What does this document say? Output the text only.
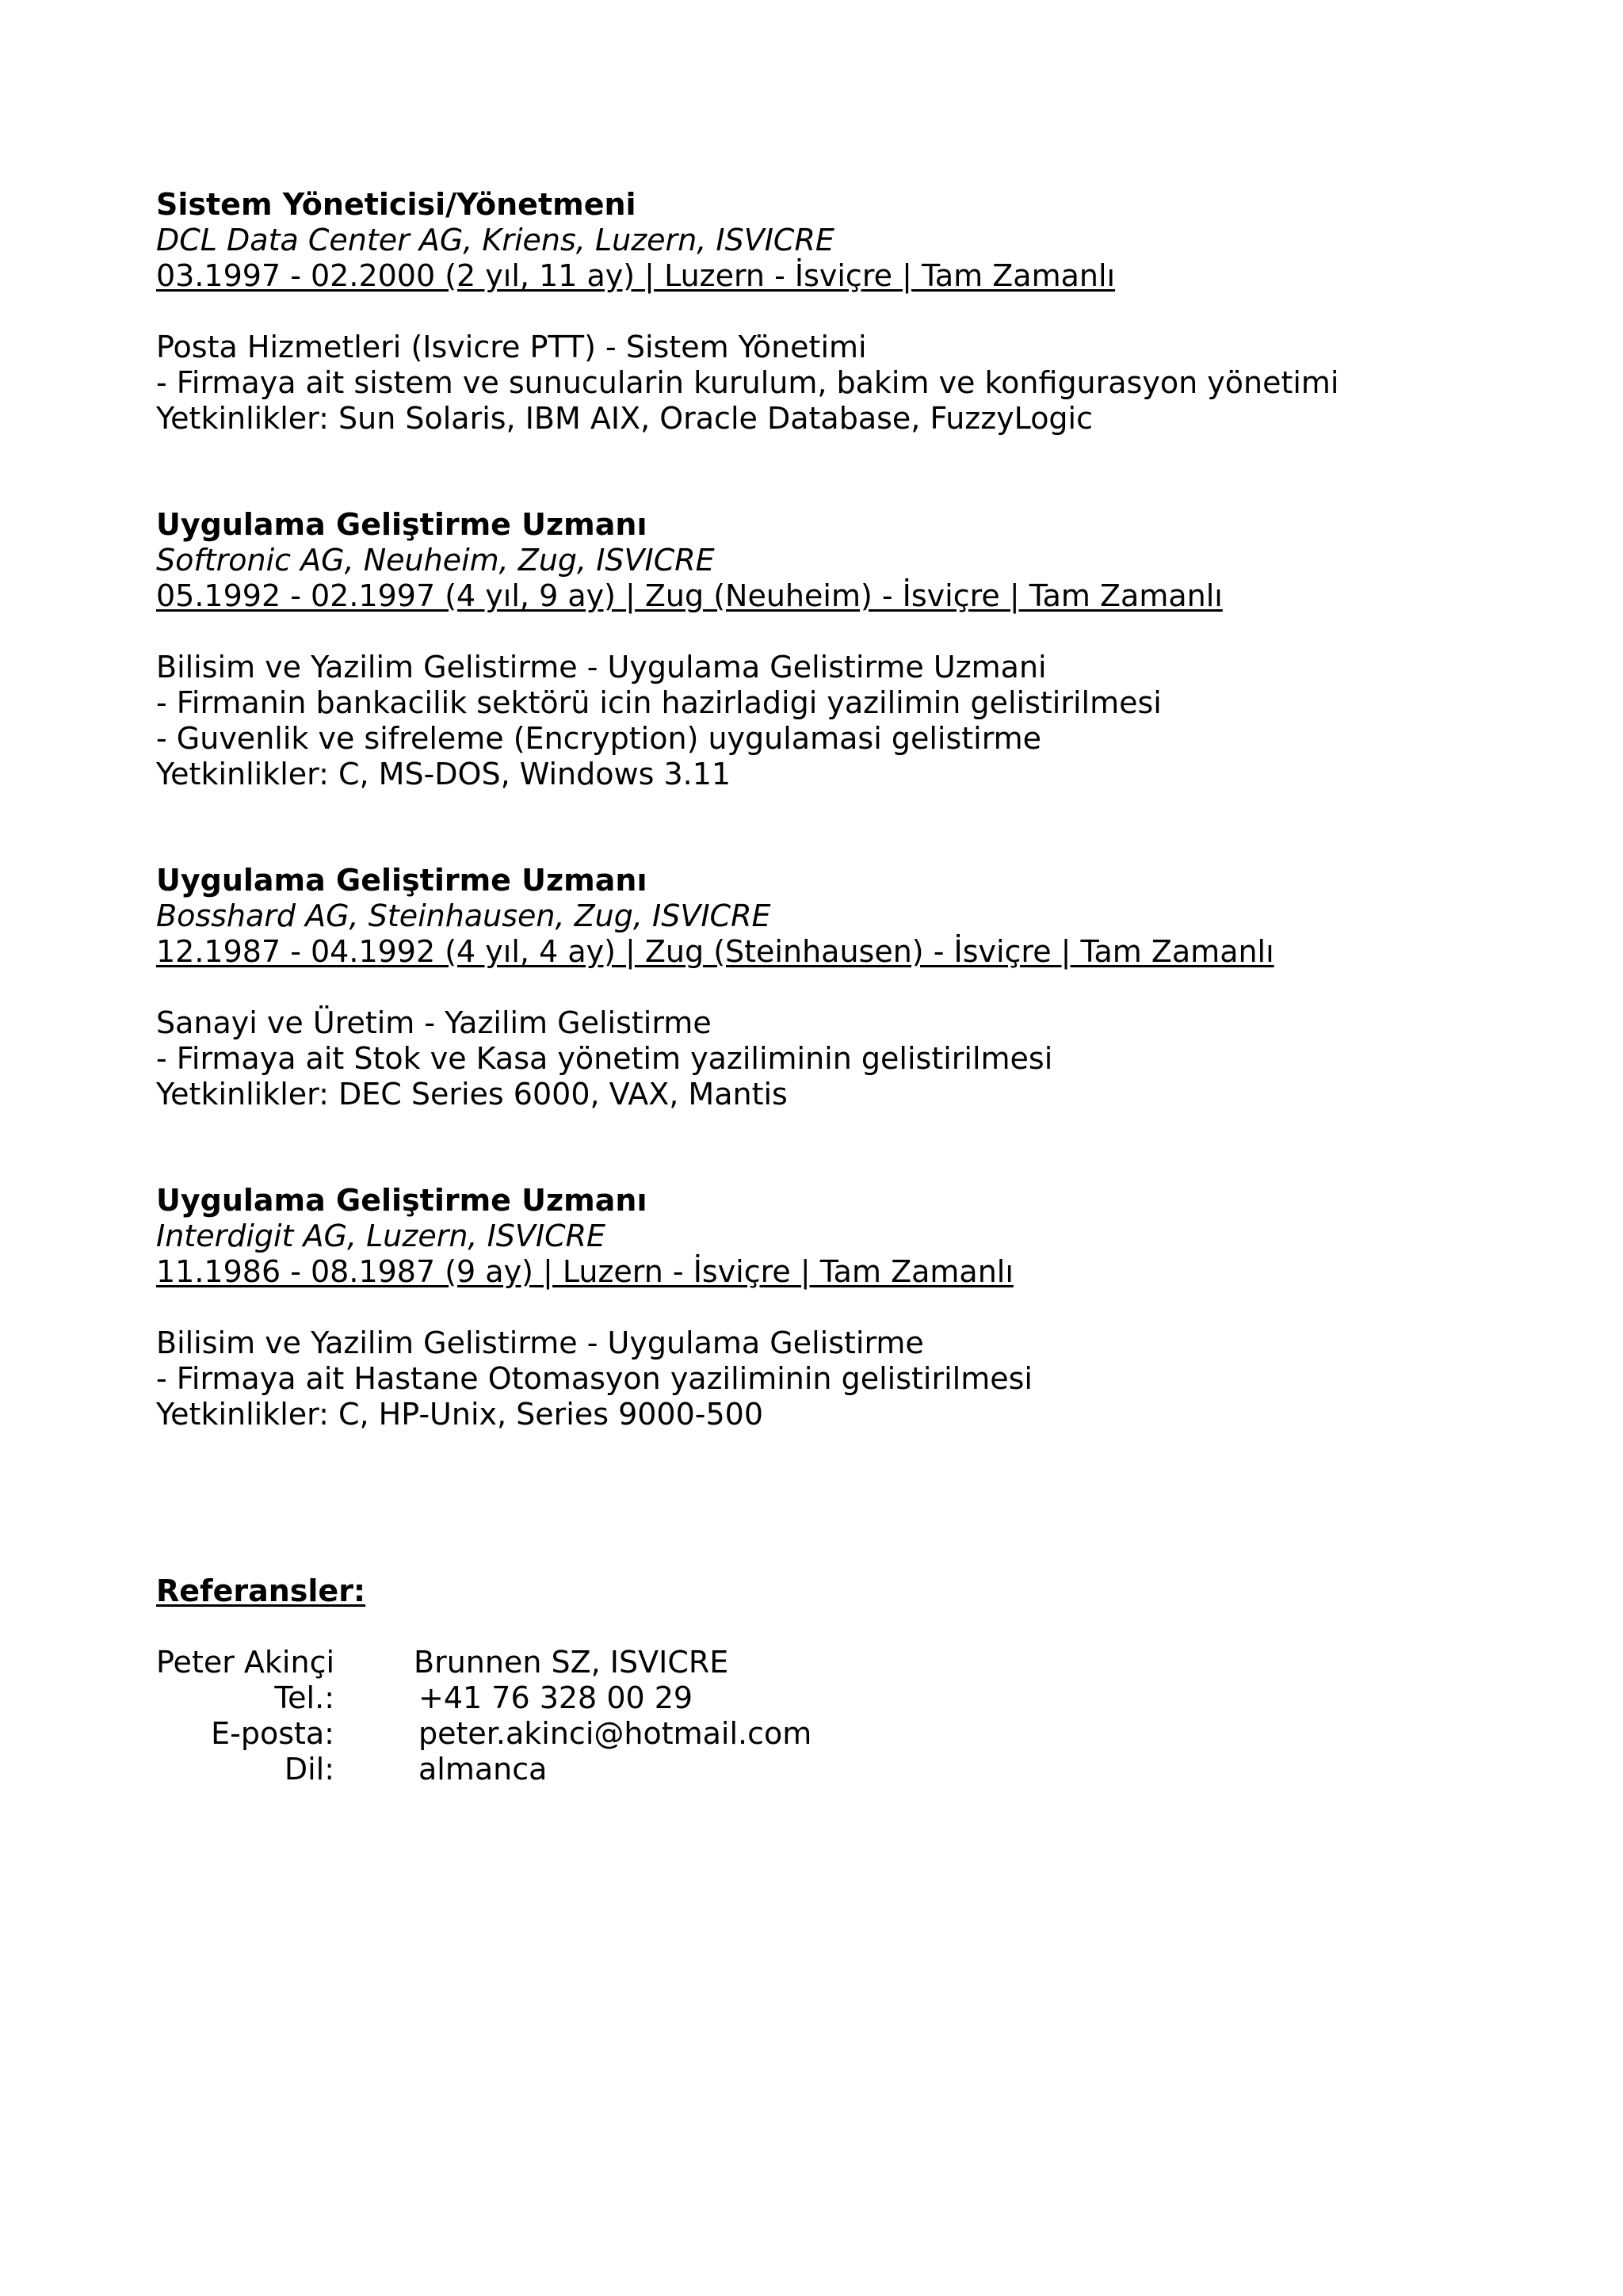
Sistem Yöneticisi/Yönetmeni

DCL Data Center AG, Kriens, Luzern, ISVICRE

03.1997 - 02.2000 (2 yıl, 11 ay) | Luzern - İsviçre | Tam Zamanlı

Posta Hizmetleri (Isvicre PTT) - Sistem Yönetimi

- Firmaya ait sistem ve sunucularin kurulum, bakim ve konfigurasyon yönetimi

Yetkinlikler: Sun Solaris, IBM AIX, Oracle Database, FuzzyLogic

Uygulama Geliştirme Uzmanı

Softronic AG, Neuheim, Zug, ISVICRE

05.1992 - 02.1997 (4 yıl, 9 ay) | Zug (Neuheim) - İsviçre | Tam Zamanlı

Bilisim ve Yazilim Gelistirme - Uygulama Gelistirme Uzmani

- Firmanin bankacilik sektörü icin hazirladigi yazilimin gelistirilmesi

- Guvenlik ve sifreleme (Encryption) uygulamasi gelistirme

Yetkinlikler: C, MS-DOS, Windows 3.11

Uygulama Geliştirme Uzmanı

Bosshard AG, Steinhausen, Zug, ISVICRE

12.1987 - 04.1992 (4 yıl, 4 ay) | Zug (Steinhausen) - İsviçre | Tam Zamanlı

Sanayi ve Üretim - Yazilim Gelistirme

- Firmaya ait Stok ve Kasa yönetim yaziliminin gelistirilmesi

Yetkinlikler: DEC Series 6000, VAX, Mantis

Uygulama Geliştirme Uzmanı

Interdigit AG, Luzern, ISVICRE

11.1986 - 08.1987 (9 ay) | Luzern - İsviçre | Tam Zamanlı

Bilisim ve Yazilim Gelistirme - Uygulama Gelistirme

- Firmaya ait Hastane Otomasyon yaziliminin gelistirilmesi

Yetkinlikler: C, HP-Unix, Series 9000-500

Referansler:

Peter Akinçi	Brunnen SZ, ISVICRE
Tel.:	+41 76 328 00 29
E-posta:	peter.akinci@hotmail.com
Dil:	almanca
